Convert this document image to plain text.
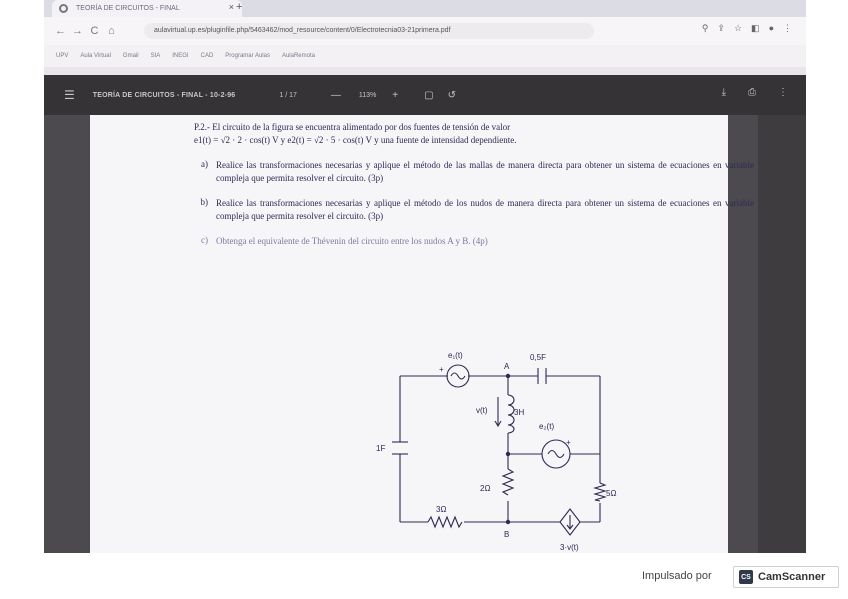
TEORÍA DE CIRCUITOS - FINAL	× +
← → C ⌂	aulavirtual.up.es/pluginfile.php/5463462/mod_resource/content/0/Electrotecnia03-21primera.pdf	⚲ ⇪ ☆ ◧ ● ⋮
UPV Aula Virtual Gmail SIA INEGI CAD Programar Aulas AulaRemota
☰	TEORÍA DE CIRCUITOS - FINAL - 10-2-96	1 / 17	—	113% +	▢ ↺	⤓ ⎙ ⋮
P.2.- El circuito de la figura se encuentra alimentado por dos fuentes de tensión de valor
e1(t) = √2 · 2 · cos(t) V y e2(t) = √2 · 5 · cos(t) V y una fuente de intensidad dependiente.
a) Realice las transformaciones necesarias y aplique el método de las mallas de manera directa para obtener un sistema de ecuaciones en variable compleja que permita resolver el circuito. (3p)
b) Realice las transformaciones necesarias y aplique el método de los nudos de manera directa para obtener un sistema de ecuaciones en variable compleja que permita resolver el circuito. (3p)
c) Obtenga el equivalente de Thévenin del circuito entre los nudos A y B. (4p)
e₁(t)	0,5F
1F
3H
v(t)
A
B
e₂(t)
2Ω
5Ω
3Ω
+
+
3·v(t)
Impulsado por	CS CamScanner
